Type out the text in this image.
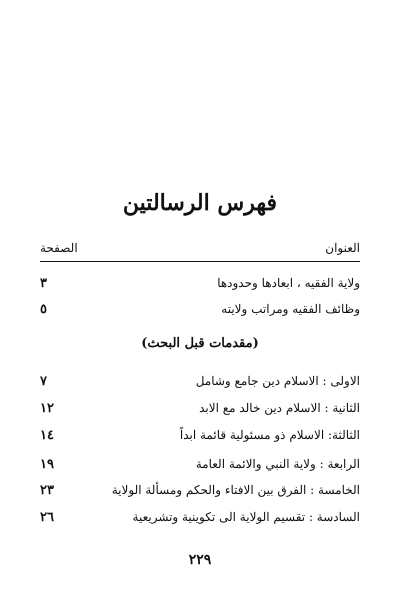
فهرس الرسالتين
العنوان
الصفحة
ولاية الفقيه ، ابعادها وحدودها
٣
وظائف الفقيه ومراتب ولايته
٥
(مقدمات قبل البحث)
الاولى : الاسلام دين جامع وشامل
٧
الثانية : الاسلام دين خالد مع الابد
١٢
الثالثة: الاسلام ذو مسئولية قائمة ابداً
١٤
الرابعة : ولاية النبي والائمة العامة
١٩
الخامسة : الفرق بين الافتاء والحكم ومسألة الولاية
٢٣
السادسة : تقسيم الولاية الى تكوينية وتشريعية
٢٦
٢٢٩
